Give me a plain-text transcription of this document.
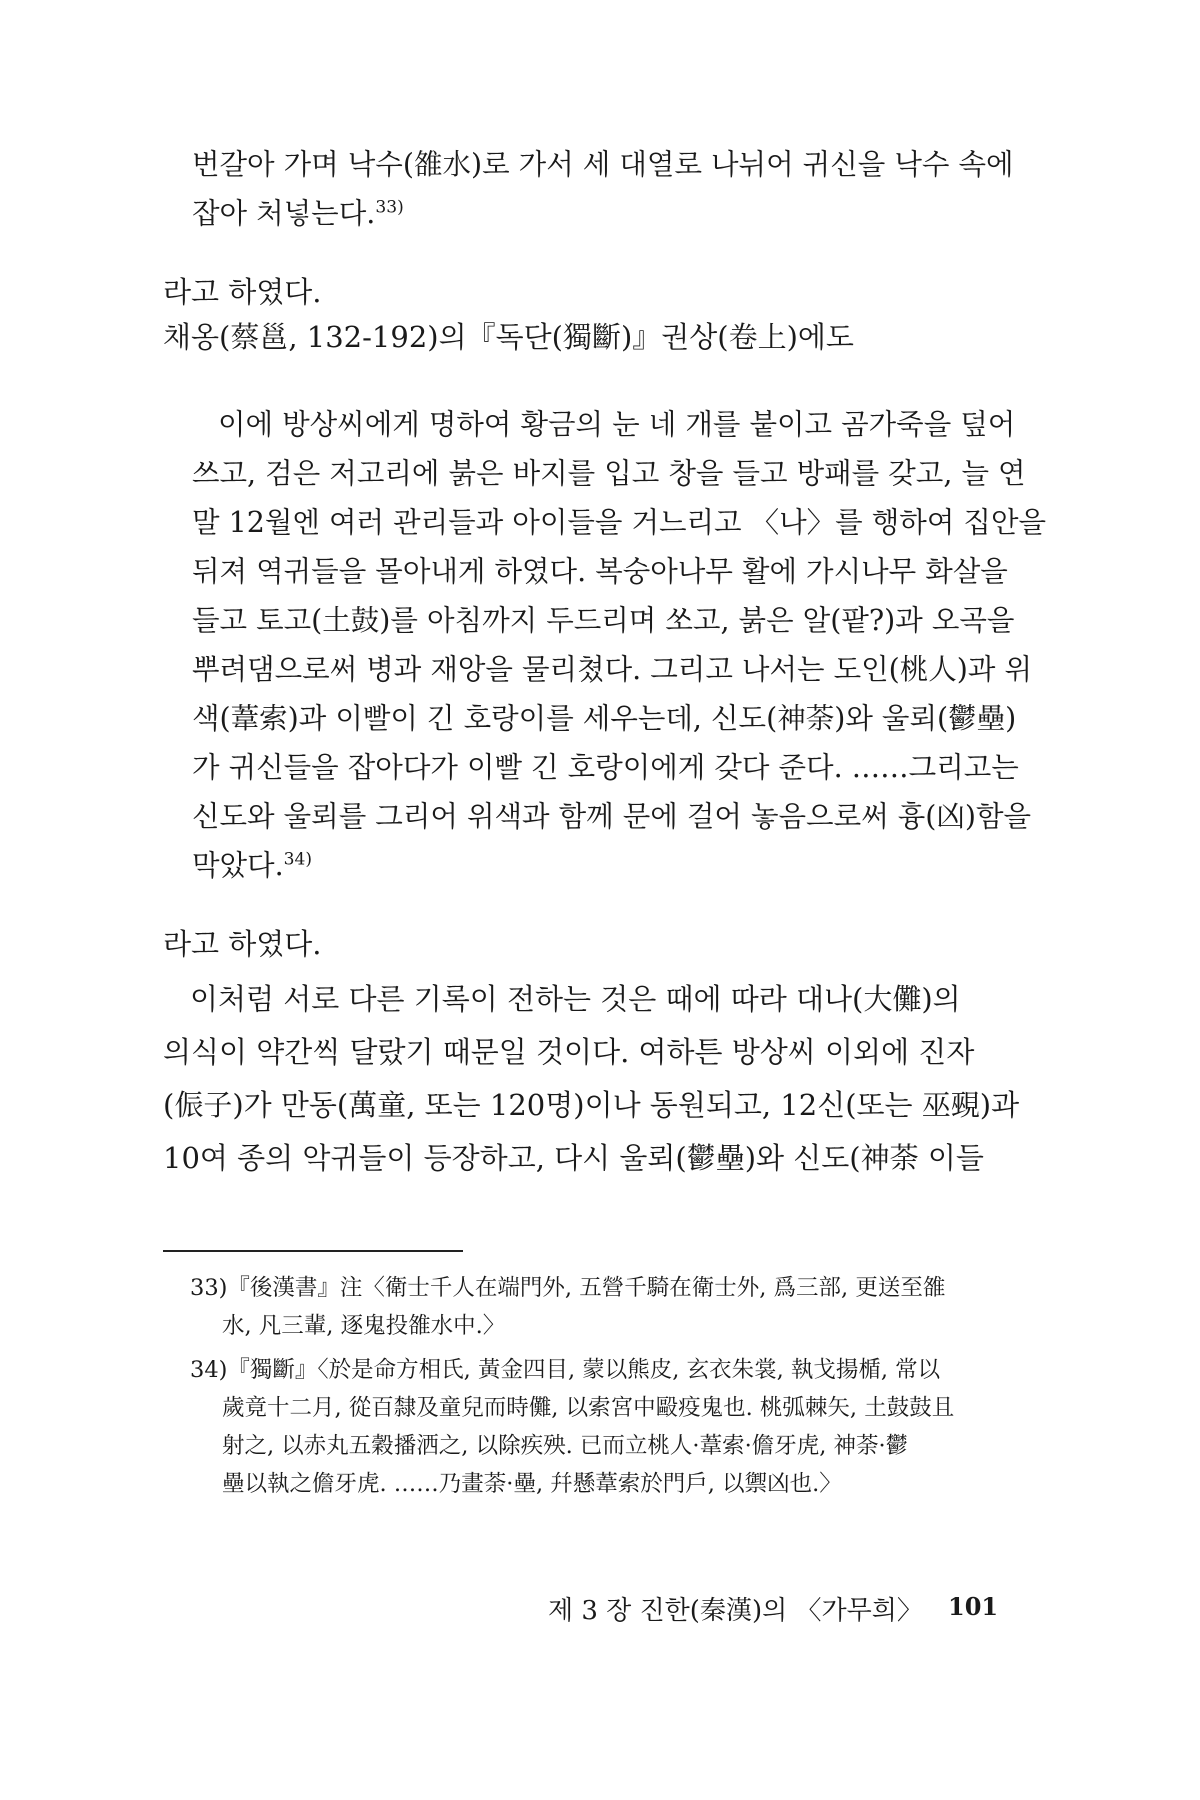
번갈아 가며 낙수(雒水)로 가서 세 대열로 나뉘어 귀신을 낙수 속에

잡아 처넣는다.$^{33)}$

라고 하였다.

채옹(蔡邕, 132-192)의『독단(獨斷)』권상(卷上)에도

이에 방상씨에게 명하여 황금의 눈 네 개를 붙이고 곰가죽을 덮어

쓰고, 검은 저고리에 붉은 바지를 입고 창을 들고 방패를 갖고, 늘 연

말 12월엔 여러 관리들과 아이들을 거느리고 〈나〉를 행하여 집안을

뒤져 역귀들을 몰아내게 하였다. 복숭아나무 활에 가시나무 화살을

들고 토고(土鼓)를 아침까지 두드리며 쏘고, 붉은 알(팥?)과 오곡을

뿌려댐으로써 병과 재앙을 물리쳤다. 그리고 나서는 도인(桃人)과 위

색(葦索)과 이빨이 긴 호랑이를 세우는데, 신도(神荼)와 울뢰(鬱壘)

가 귀신들을 잡아다가 이빨 긴 호랑이에게 갖다 준다. ……그리고는

신도와 울뢰를 그리어 위색과 함께 문에 걸어 놓음으로써 흉(凶)함을

막았다.$^{34)}$

라고 하였다.

이처럼 서로 다른 기록이 전하는 것은 때에 따라 대나(大儺)의

의식이 약간씩 달랐기 때문일 것이다. 여하튼 방상씨 이외에 진자

(侲子)가 만동(萬童, 또는 120명)이나 동원되고, 12신(또는 巫覡)과

10여 종의 악귀들이 등장하고, 다시 울뢰(鬱壘)와 신도(神荼 이들

33)『後漢書』注〈衛士千人在端門外, 五營千騎在衛士外, 爲三部, 更送至雒

水, 凡三輩, 逐鬼投雒水中.〉

34)『獨斷』〈於是命方相氏, 黃金四目, 蒙以熊皮, 玄衣朱裳, 執戈揚楯, 常以

歲竟十二月, 從百隸及童兒而時儺, 以索宮中毆疫鬼也. 桃弧棘矢, 土鼓鼓且

射之, 以赤丸五穀播洒之, 以除疾殃. 已而立桃人·葦索·儋牙虎, 神荼·鬱

壘以執之儋牙虎. ……乃畫荼·壘, 幷懸葦索於門戶, 以禦凶也.〉

제 3 장 진한(秦漢)의 〈가무희〉 101
